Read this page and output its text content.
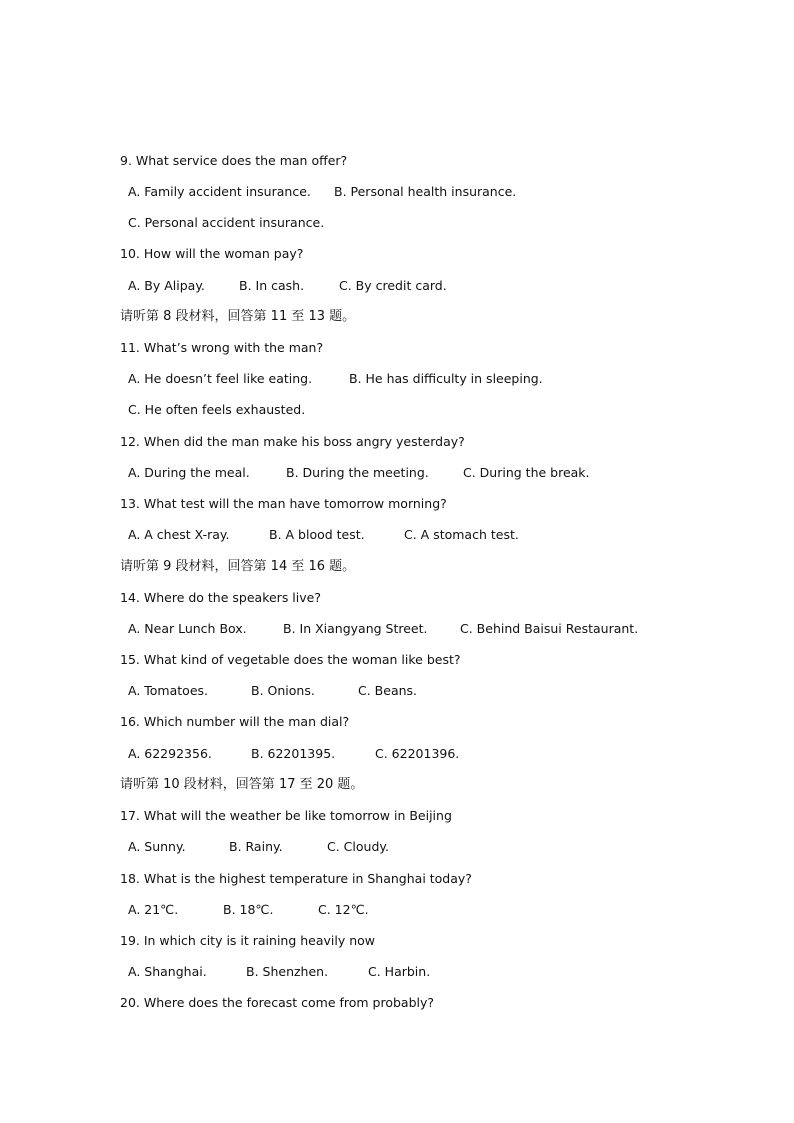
9. What service does the man offer?
A. Family accident insurance. B. Personal health insurance.
C. Personal accident insurance.
10. How will the woman pay?
A. By Alipay.	B. In cash.	C. By credit card.
请听第 8 段材料，回答第 11 至 13 题。
11. What’s wrong with the man?
A. He doesn’t feel like eating.	B. He has difficulty in sleeping.
C. He often feels exhausted.
12. When did the man make his boss angry yesterday?
A. During the meal.	B. During the meeting.	C. During the break.
13. What test will the man have tomorrow morning?
A. A chest X-ray.	B. A blood test.	C. A stomach test.
请听第 9 段材料，回答第 14 至 16 题。
14. Where do the speakers live?
A. Near Lunch Box.	B. In Xiangyang Street.	C. Behind Baisui Restaurant.
15. What kind of vegetable does the woman like best?
A. Tomatoes.	B. Onions.	C. Beans.
16. Which number will the man dial?
A. 62292356.	B. 62201395.	C. 62201396.
请听第 10 段材料，回答第 17 至 20 题。
17. What will the weather be like tomorrow in Beijing
A. Sunny.	B. Rainy.	C. Cloudy.
18. What is the highest temperature in Shanghai today?
A. 21℃.	B. 18℃.	C. 12℃.
19. In which city is it raining heavily now
A. Shanghai.	B. Shenzhen.	C. Harbin.
20. Where does the forecast come from probably?
